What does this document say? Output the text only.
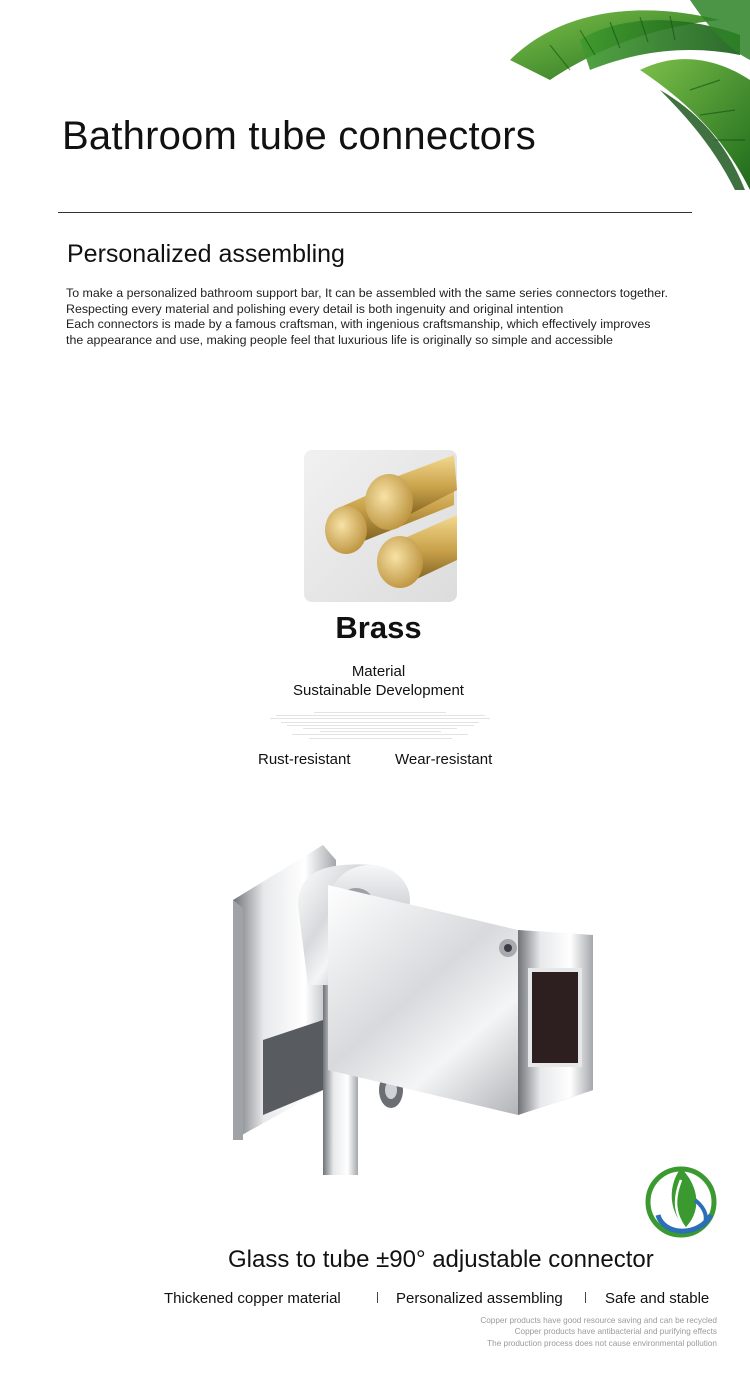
Bathroom tube connectors
Personalized assembling
To make a personalized bathroom support bar, It can be assembled with the same series connectors together.
Respecting every material and polishing every detail is both ingenuity and original intention
Each connectors is made by a famous craftsman, with ingenious craftsmanship, which effectively improves
the appearance and use, making people feel that luxurious life is originally so simple and accessible
Brass
Material
Sustainable Development
Rust-resistant	Wear-resistant
Glass to tube ±90° adjustable connector
Thickened copper material	Personalized assembling	Safe and stable
Copper products have good resource saving and can be recycled
Copper products have antibacterial and purifying effects
The production process does not cause environmental pollution
